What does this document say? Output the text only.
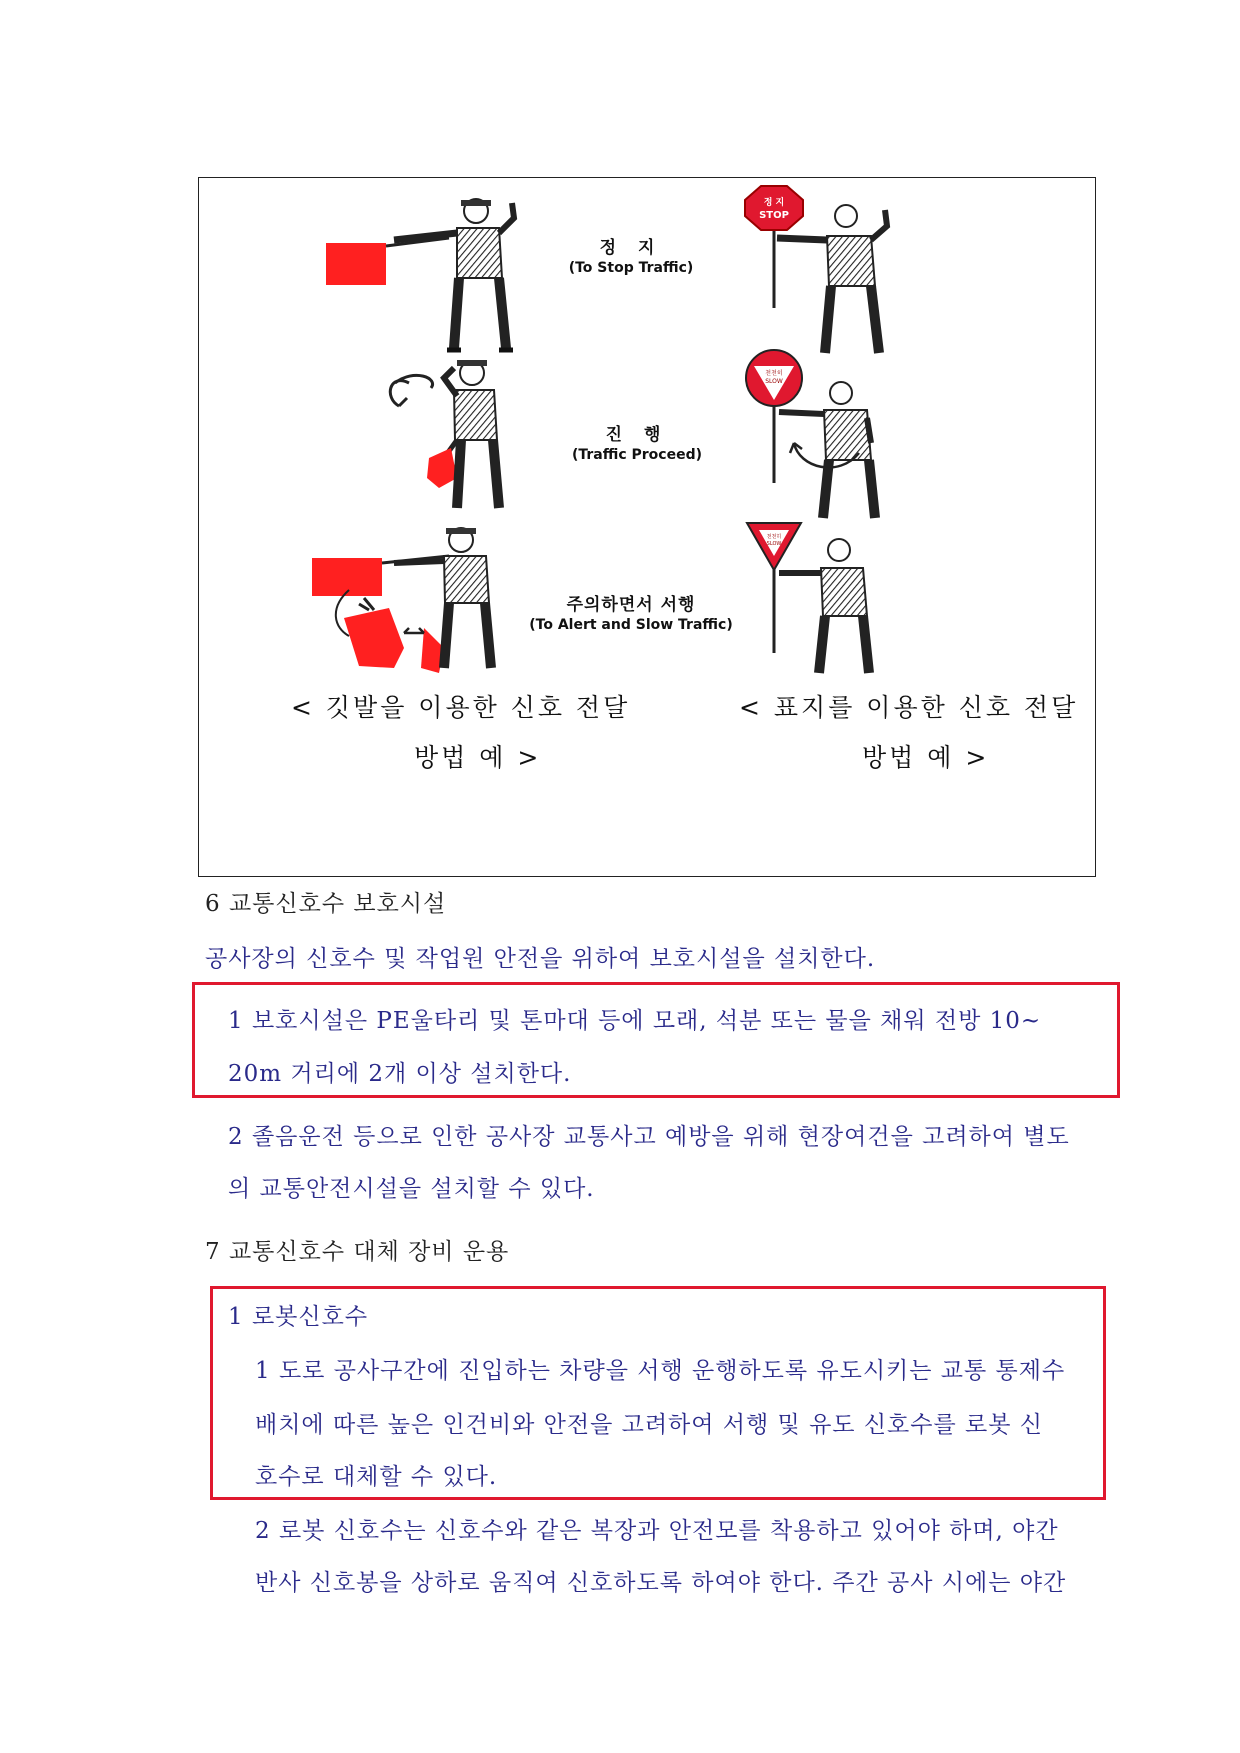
정 지
STOP
천천히
SLOW
천천히
SLOW
정 지
(To Stop Traffic)
진 행
(Traffic Proceed)
주의하면서 서행
(To Alert and Slow Traffic)
< 깃발을 이용한 신호 전달
방법 예 >
< 표지를 이용한 신호 전달
방법 예 >
6 교통신호수 보호시설
공사장의 신호수 및 작업원 안전을 위하여 보호시설을 설치한다.
1 보호시설은 PE울타리 및 톤마대 등에 모래, 석분 또는 물을 채워 전방 10~
20m 거리에 2개 이상 설치한다.
2 졸음운전 등으로 인한 공사장 교통사고 예방을 위해 현장여건을 고려하여 별도
의 교통안전시설을 설치할 수 있다.
7 교통신호수 대체 장비 운용
1 로봇신호수
1 도로 공사구간에 진입하는 차량을 서행 운행하도록 유도시키는 교통 통제수
배치에 따른 높은 인건비와 안전을 고려하여 서행 및 유도 신호수를 로봇 신
호수로 대체할 수 있다.
2 로봇 신호수는 신호수와 같은 복장과 안전모를 착용하고 있어야 하며, 야간
반사 신호봉을 상하로 움직여 신호하도록 하여야 한다. 주간 공사 시에는 야간
